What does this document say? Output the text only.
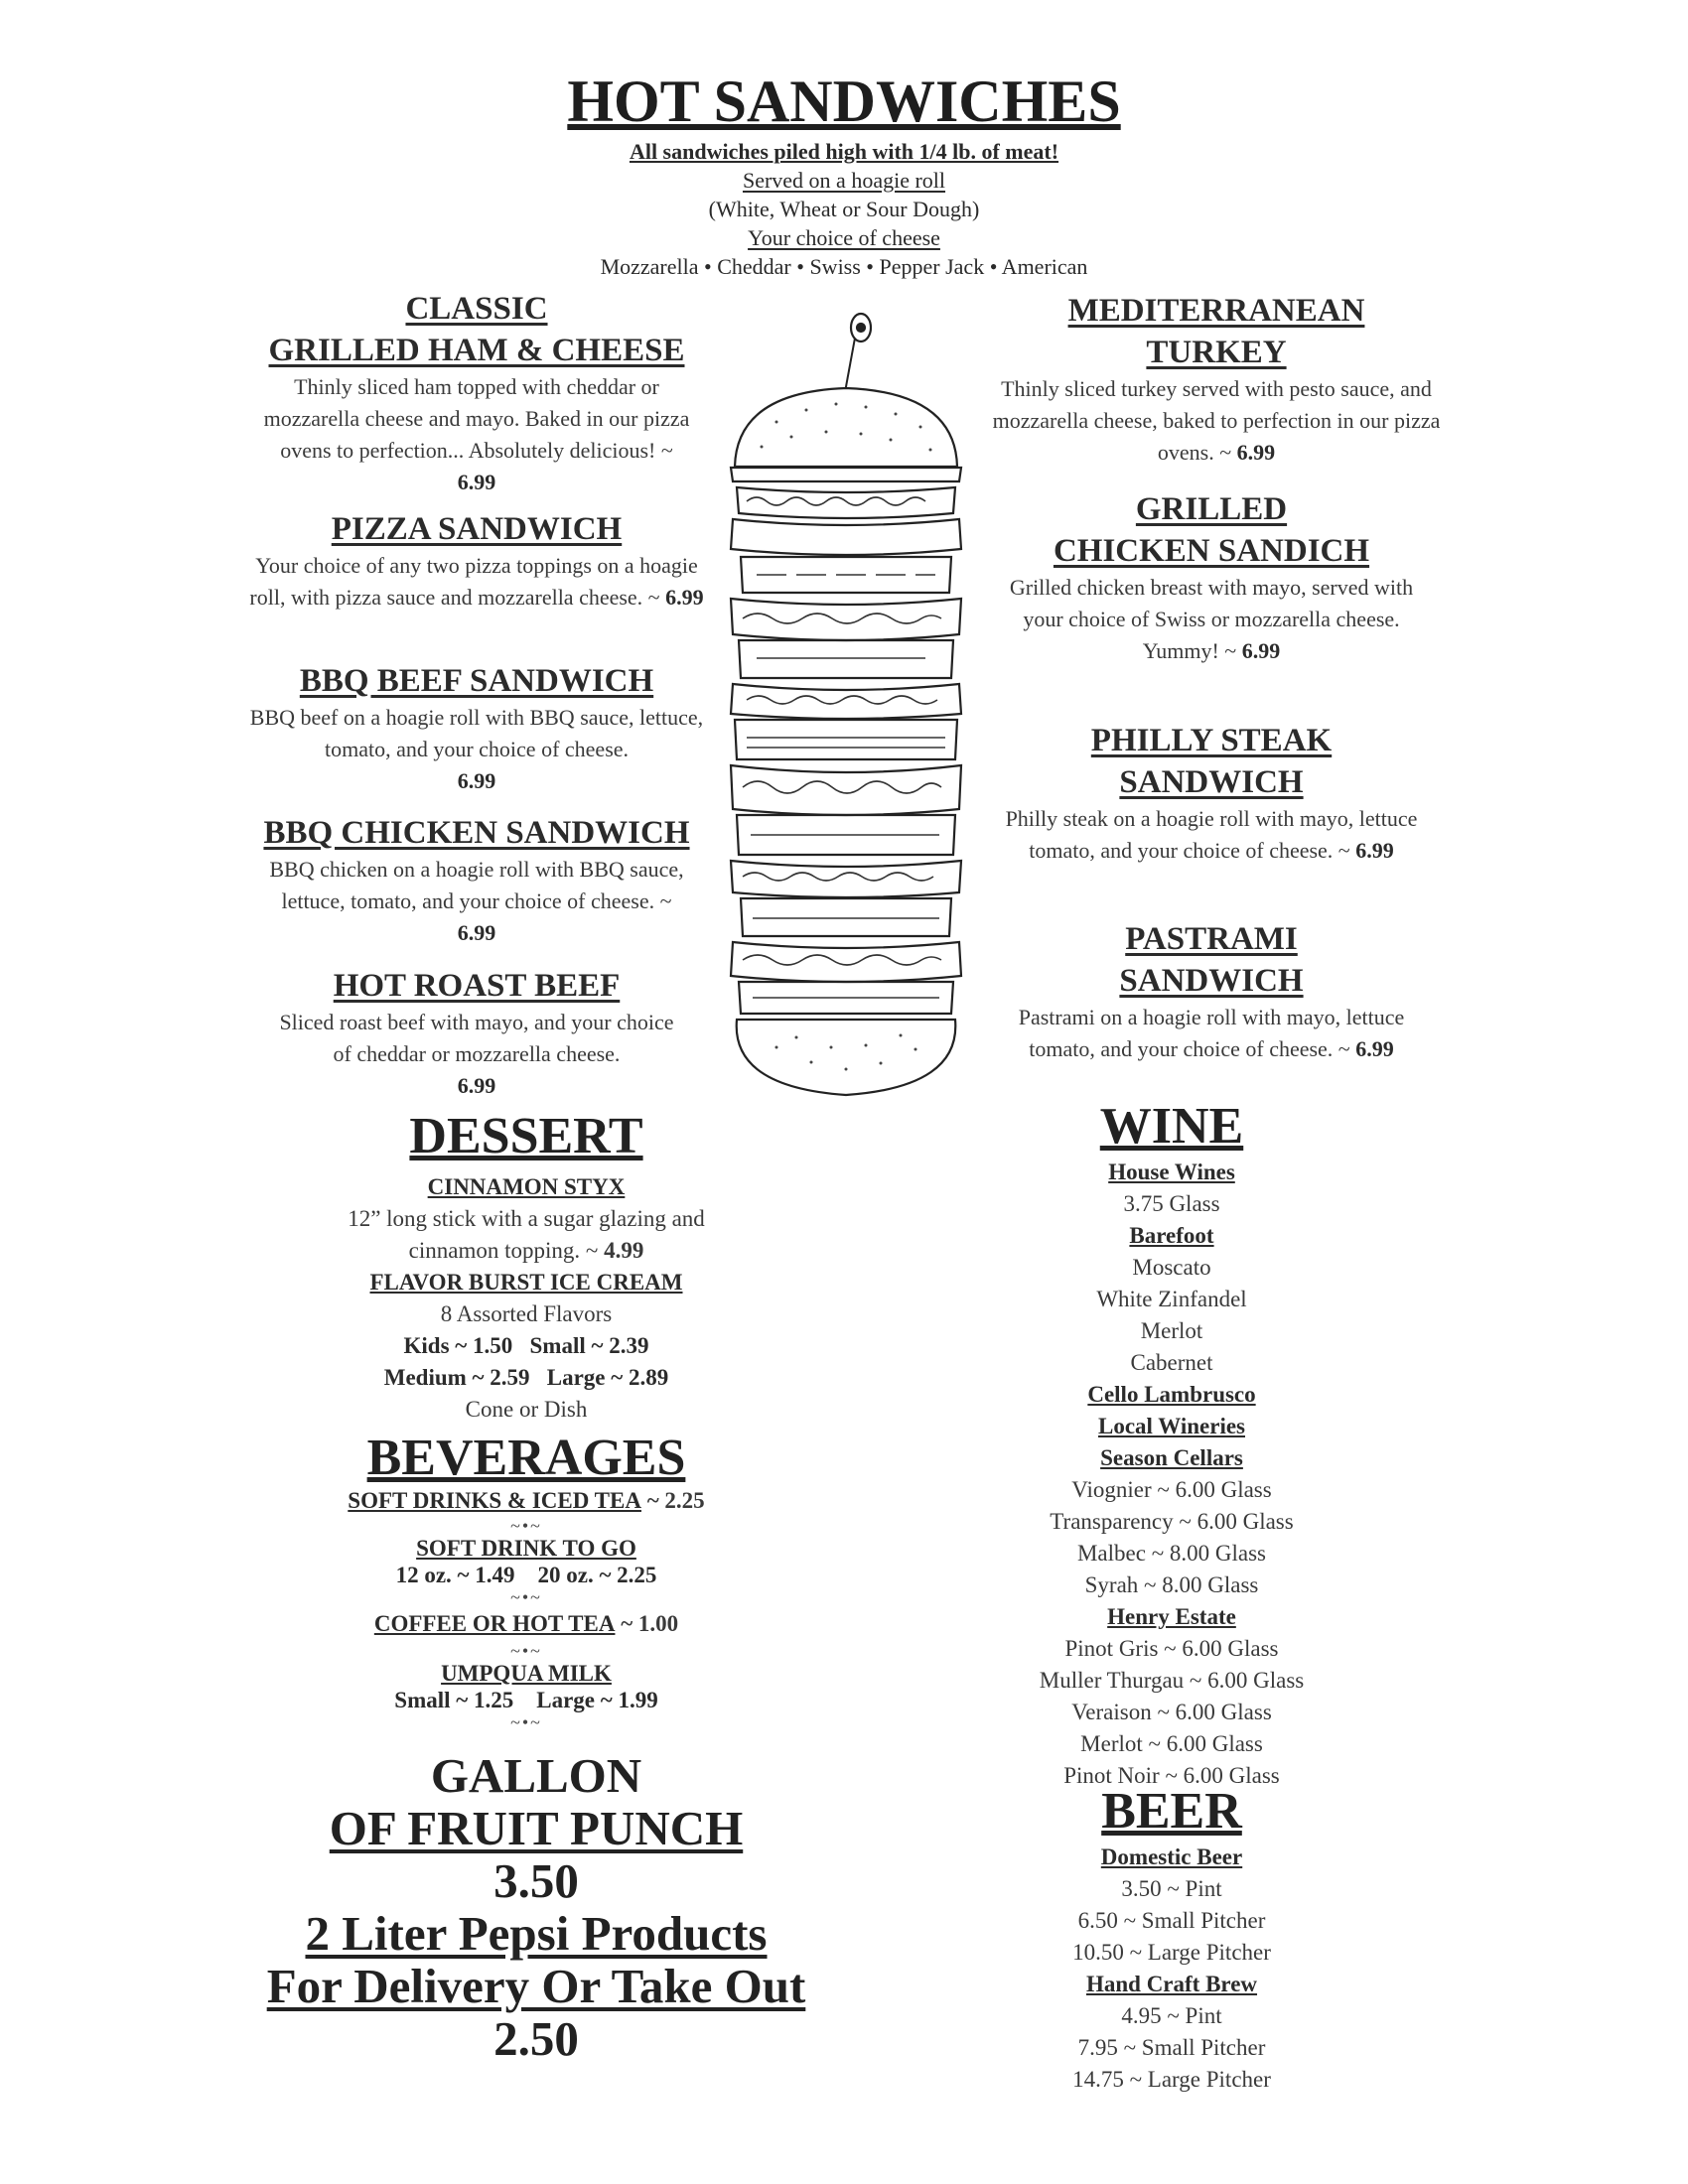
HOT SANDWICHES

All sandwiches piled high with 1/4 lb. of meat!

Served on a hoagie roll

(White, Wheat or Sour Dough)

Your choice of cheese

Mozzarella • Cheddar • Swiss • Pepper Jack • American

CLASSIC
GRILLED HAM & CHEESE
Thinly sliced ham topped with cheddar or mozzarella cheese and mayo. Baked in our pizza ovens to perfection... Absolutely delicious! ~ 6.99
PIZZA SANDWICH
Your choice of any two pizza toppings on a hoagie roll, with pizza sauce and mozzarella cheese. ~ 6.99
BBQ BEEF SANDWICH
BBQ beef on a hoagie roll with BBQ sauce, lettuce, tomato, and your choice of cheese.
6.99
BBQ CHICKEN SANDWICH
BBQ chicken on a hoagie roll with BBQ sauce, lettuce, tomato, and your choice of cheese. ~ 6.99
HOT ROAST BEEF
Sliced roast beef with mayo, and your choice of cheddar or mozzarella cheese.
6.99
MEDITERRANEAN
TURKEY
Thinly sliced turkey served with pesto sauce, and mozzarella cheese, baked to perfection in our pizza ovens. ~ 6.99
GRILLED
CHICKEN SANDICH
Grilled chicken breast with mayo, served with your choice of Swiss or mozzarella cheese. Yummy! ~ 6.99
PHILLY STEAK
SANDWICH
Philly steak on a hoagie roll with mayo, lettuce tomato, and your choice of cheese. ~ 6.99
PASTRAMI
SANDWICH
Pastrami on a hoagie roll with mayo, lettuce tomato, and your choice of cheese. ~ 6.99
DESSERT
CINNAMON STYX
12” long stick with a sugar glazing and cinnamon topping. ~ 4.99
FLAVOR BURST ICE CREAM
8 Assorted Flavors
Kids ~ 1.50   Small ~ 2.39
Medium ~ 2.59   Large ~ 2.89
Cone or Dish
BEVERAGES
SOFT DRINKS & ICED TEA ~ 2.25
~•~
SOFT DRINK TO GO
12 oz. ~ 1.49    20 oz. ~ 2.25
~•~
COFFEE OR HOT TEA ~ 1.00
~•~
UMPQUA MILK
Small ~ 1.25    Large ~ 1.99
~•~
GALLON
OF FRUIT PUNCH
3.50
2 Liter Pepsi Products
For Delivery Or Take Out
2.50
WINE
House Wines
3.75 Glass
Barefoot
Moscato
White Zinfandel
Merlot
Cabernet
Cello Lambrusco
Local Wineries
Season Cellars
Viognier ~ 6.00 Glass
Transparency ~ 6.00 Glass
Malbec ~ 8.00 Glass
Syrah ~ 8.00 Glass
Henry Estate
Pinot Gris ~ 6.00 Glass
Muller Thurgau ~ 6.00 Glass
Veraison ~ 6.00 Glass
Merlot ~ 6.00 Glass
Pinot Noir ~ 6.00 Glass
BEER
Domestic Beer
3.50 ~ Pint
6.50 ~ Small Pitcher
10.50 ~ Large Pitcher
Hand Craft Brew
4.95 ~ Pint
7.95 ~ Small Pitcher
14.75 ~ Large Pitcher
